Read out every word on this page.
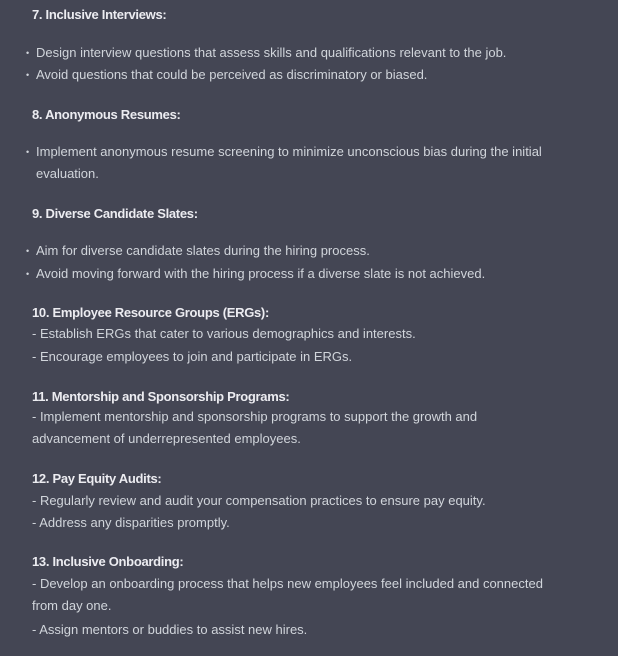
7. Inclusive Interviews:
• Design interview questions that assess skills and qualifications relevant to the job.
• Avoid questions that could be perceived as discriminatory or biased.
8. Anonymous Resumes:
• Implement anonymous resume screening to minimize unconscious bias during the initial evaluation.
9. Diverse Candidate Slates:
• Aim for diverse candidate slates during the hiring process.
• Avoid moving forward with the hiring process if a diverse slate is not achieved.
10. Employee Resource Groups (ERGs):
- Establish ERGs that cater to various demographics and interests.
- Encourage employees to join and participate in ERGs.
11. Mentorship and Sponsorship Programs:
- Implement mentorship and sponsorship programs to support the growth and advancement of underrepresented employees.
12. Pay Equity Audits:
- Regularly review and audit your compensation practices to ensure pay equity.
- Address any disparities promptly.
13. Inclusive Onboarding:
- Develop an onboarding process that helps new employees feel included and connected from day one.
- Assign mentors or buddies to assist new hires.
